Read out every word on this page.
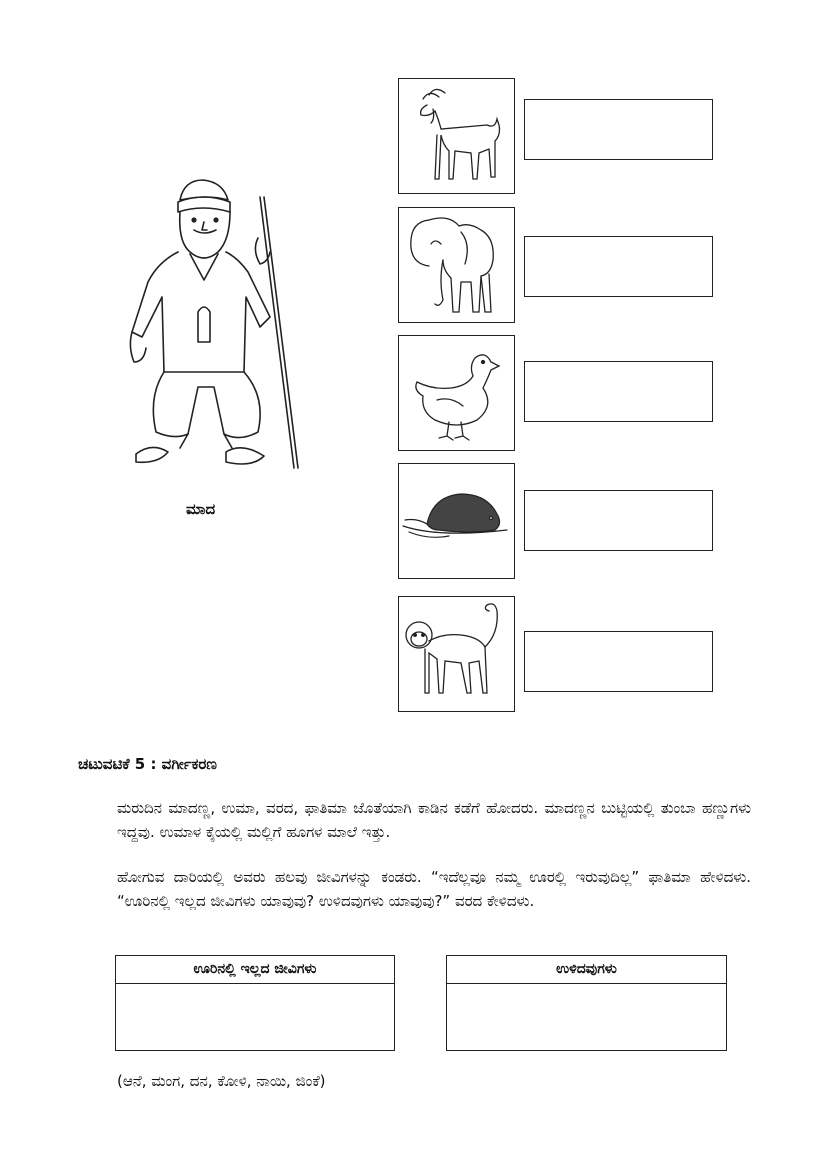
ಮಾದ
ಚಟುವಟಿಕೆ 5 : ವರ್ಗೀಕರಣ
ಮರುದಿನ ಮಾದಣ್ಣ, ಉಮಾ, ವರದ, ಫಾತಿಮಾ ಜೊತೆಯಾಗಿ ಕಾಡಿನ ಕಡೆಗೆ ಹೋದರು. ಮಾದಣ್ಣನ ಬುಟ್ಟಿಯಲ್ಲಿ ತುಂಬಾ ಹಣ್ಣುಗಳು ಇದ್ದವು. ಉಮಾಳ ಕೈಯಲ್ಲಿ ಮಲ್ಲಿಗೆ ಹೂಗಳ ಮಾಲೆ ಇತ್ತು.
ಹೋಗುವ ದಾರಿಯಲ್ಲಿ ಅವರು ಹಲವು ಜೀವಿಗಳನ್ನು ಕಂಡರು. “ಇದೆಲ್ಲವೂ ನಮ್ಮ ಊರಲ್ಲಿ ಇರುವುದಿಲ್ಲ” ಫಾತಿಮಾ ಹೇಳಿದಳು. “ಊರಿನಲ್ಲಿ ಇಲ್ಲದ ಜೀವಿಗಳು ಯಾವುವು? ಉಳಿದವುಗಳು ಯಾವುವು?” ವರದ ಕೇಳಿದಳು.
ಊರಿನಲ್ಲಿ ಇಲ್ಲದ ಜೀವಿಗಳು	ಉಳಿದವುಗಳು
(ಆನೆ, ಮಂಗ, ದನ, ಕೋಳಿ, ನಾಯಿ, ಜಿಂಕೆ)
